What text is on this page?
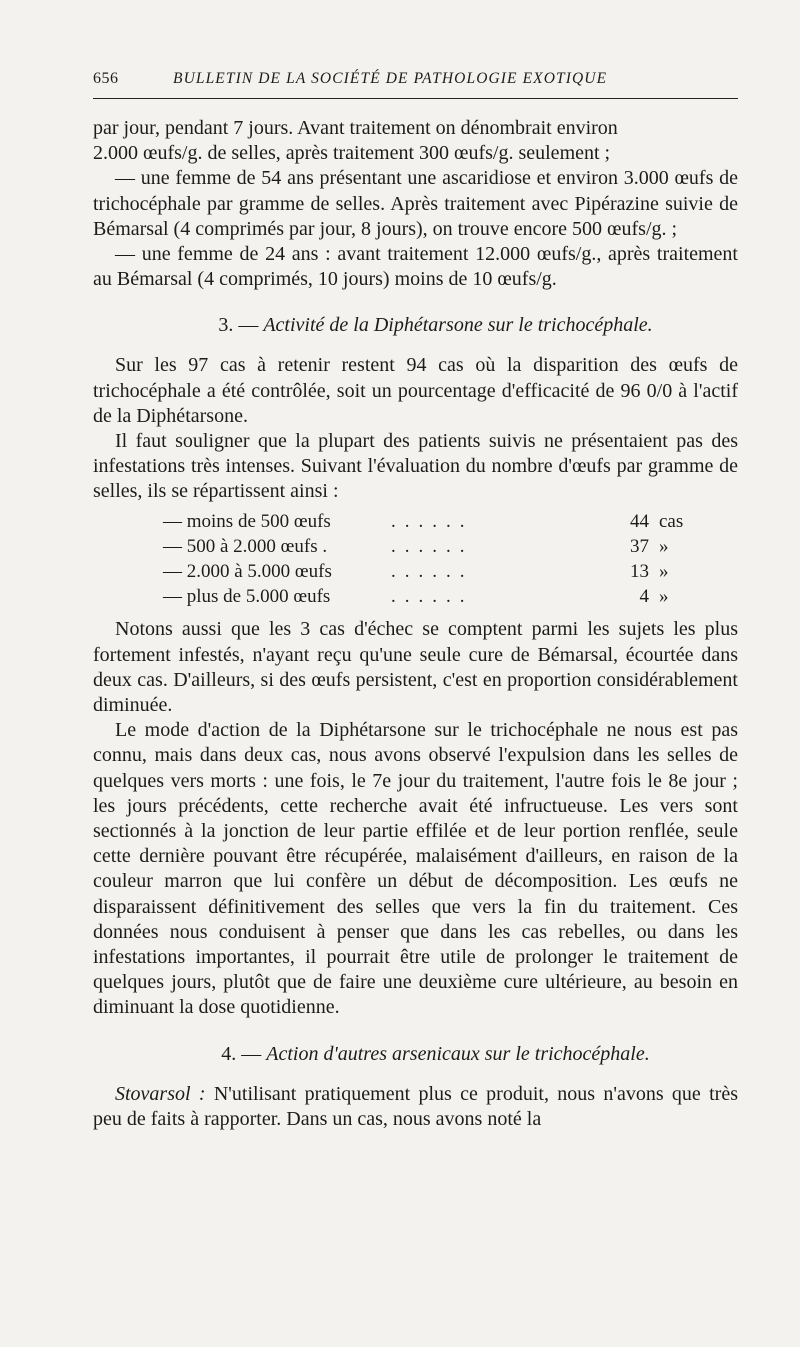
656	BULLETIN DE LA SOCIÉTÉ DE PATHOLOGIE EXOTIQUE

par jour, pendant 7 jours. Avant traitement on dénombrait environ

2.000 œufs/g. de selles, après traitement 300 œufs/g. seulement ;

— une femme de 54 ans présentant une ascaridiose et environ 3.000 œufs de trichocéphale par gramme de selles. Après traitement avec Pipérazine suivie de Bémarsal (4 comprimés par jour, 8 jours), on trouve encore 500 œufs/g. ;

— une femme de 24 ans : avant traitement 12.000 œufs/g., après traitement au Bémarsal (4 comprimés, 10 jours) moins de 10 œufs/g.

3. — Activité de la Diphétarsone sur le trichocéphale.

Sur les 97 cas à retenir restent 94 cas où la disparition des œufs de trichocéphale a été contrôlée, soit un pourcentage d'efficacité de 96 0/0 à l'actif de la Diphétarsone.

Il faut souligner que la plupart des patients suivis ne présentaient pas des infestations très intenses. Suivant l'évaluation du nombre d'œufs par gramme de selles, ils se répartissent ainsi :

— moins de 500 œufs	......	44 cas
— 500 à 2.000 œufs .	......	37 »
— 2.000 à 5.000 œufs	......	13 »
— plus de 5.000 œufs	......	4 »

Notons aussi que les 3 cas d'échec se comptent parmi les sujets les plus fortement infestés, n'ayant reçu qu'une seule cure de Bémarsal, écourtée dans deux cas. D'ailleurs, si des œufs persistent, c'est en proportion considérablement diminuée.

Le mode d'action de la Diphétarsone sur le trichocéphale ne nous est pas connu, mais dans deux cas, nous avons observé l'expulsion dans les selles de quelques vers morts : une fois, le 7e jour du traitement, l'autre fois le 8e jour ; les jours précédents, cette recherche avait été infructueuse. Les vers sont sectionnés à la jonction de leur partie effilée et de leur portion renflée, seule cette dernière pouvant être récupérée, malaisément d'ailleurs, en raison de la couleur marron que lui confère un début de décomposition. Les œufs ne disparaissent définitivement des selles que vers la fin du traitement. Ces données nous conduisent à penser que dans les cas rebelles, ou dans les infestations importantes, il pourrait être utile de prolonger le traitement de quelques jours, plutôt que de faire une deuxième cure ultérieure, au besoin en diminuant la dose quotidienne.

4. — Action d'autres arsenicaux sur le trichocéphale.

Stovarsol : N'utilisant pratiquement plus ce produit, nous n'avons que très peu de faits à rapporter. Dans un cas, nous avons noté la
